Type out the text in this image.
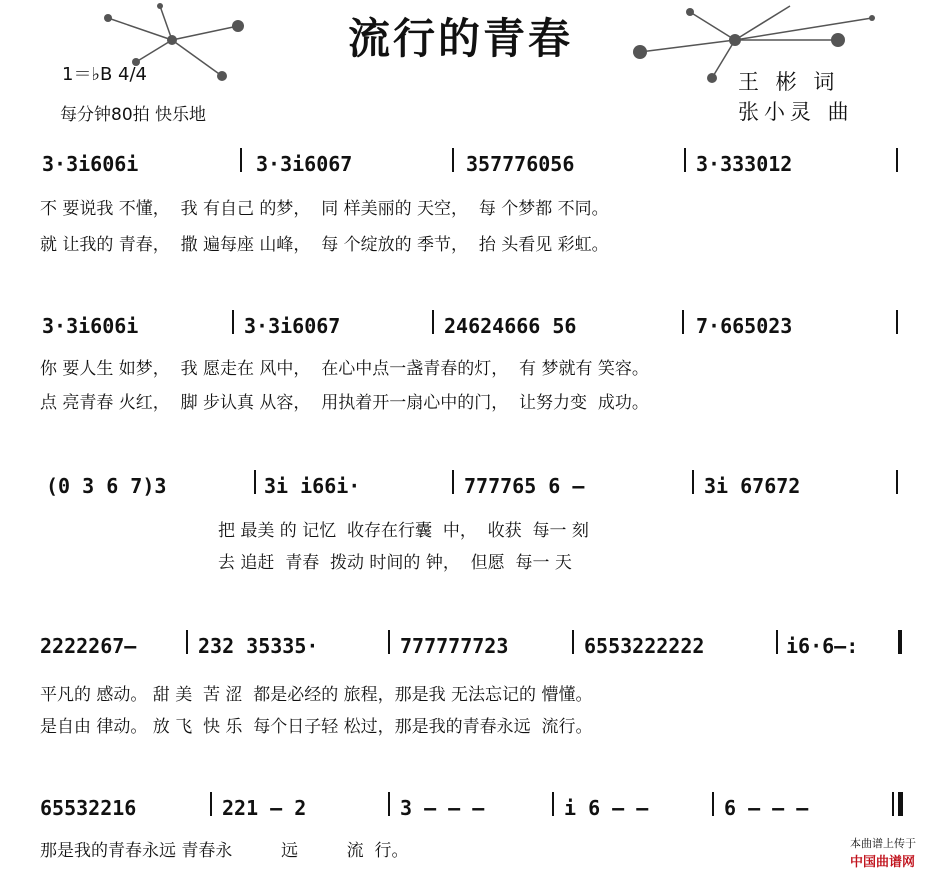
流行的青春
1＝♭B 4/4
每分钟80拍 快乐地
王 彬 词
张小灵 曲
3·3i606i	3·3i6067	357776056	3·333012
不 要说我 不懂，  我 有自己 的梦，  同 样美丽的 天空，  每 个梦都 不同。
就 让我的 青春，  撒 遍每座 山峰，  每 个绽放的 季节，  抬 头看见 彩虹。
3·3i606i	3·3i6067	24624666 56	7·665023
你 要人生 如梦，  我 愿走在 风中，  在心中点一盏青春的灯，  有 梦就有 笑容。
点 亮青春 火红，  脚 步认真 从容，  用执着开一扇心中的门，  让努力变  成功。
(0 3 6 7)3	3i i66i·	777765 6 –	3i 67672
把 最美 的 记忆  收存在行囊  中，  收获  每一 刻
去 追赶  青春  拨动 时间的 钟，  但愿  每一 天
2222267–	232 35335·	777777723	6553222222	i6·6–:
平凡的 感动。 甜 美  苦 涩  都是必经的 旅程，那是我 无法忘记的 懵懂。
是自由 律动。 放 飞  快 乐  每个日子轻 松过，那是我的青春永远  流行。
65532216	221 – 2	3 – – –	i 6 – –	6 – – –
那是我的青春永远 青春永         远         流  行。	本曲谱上传于
中国曲谱网
